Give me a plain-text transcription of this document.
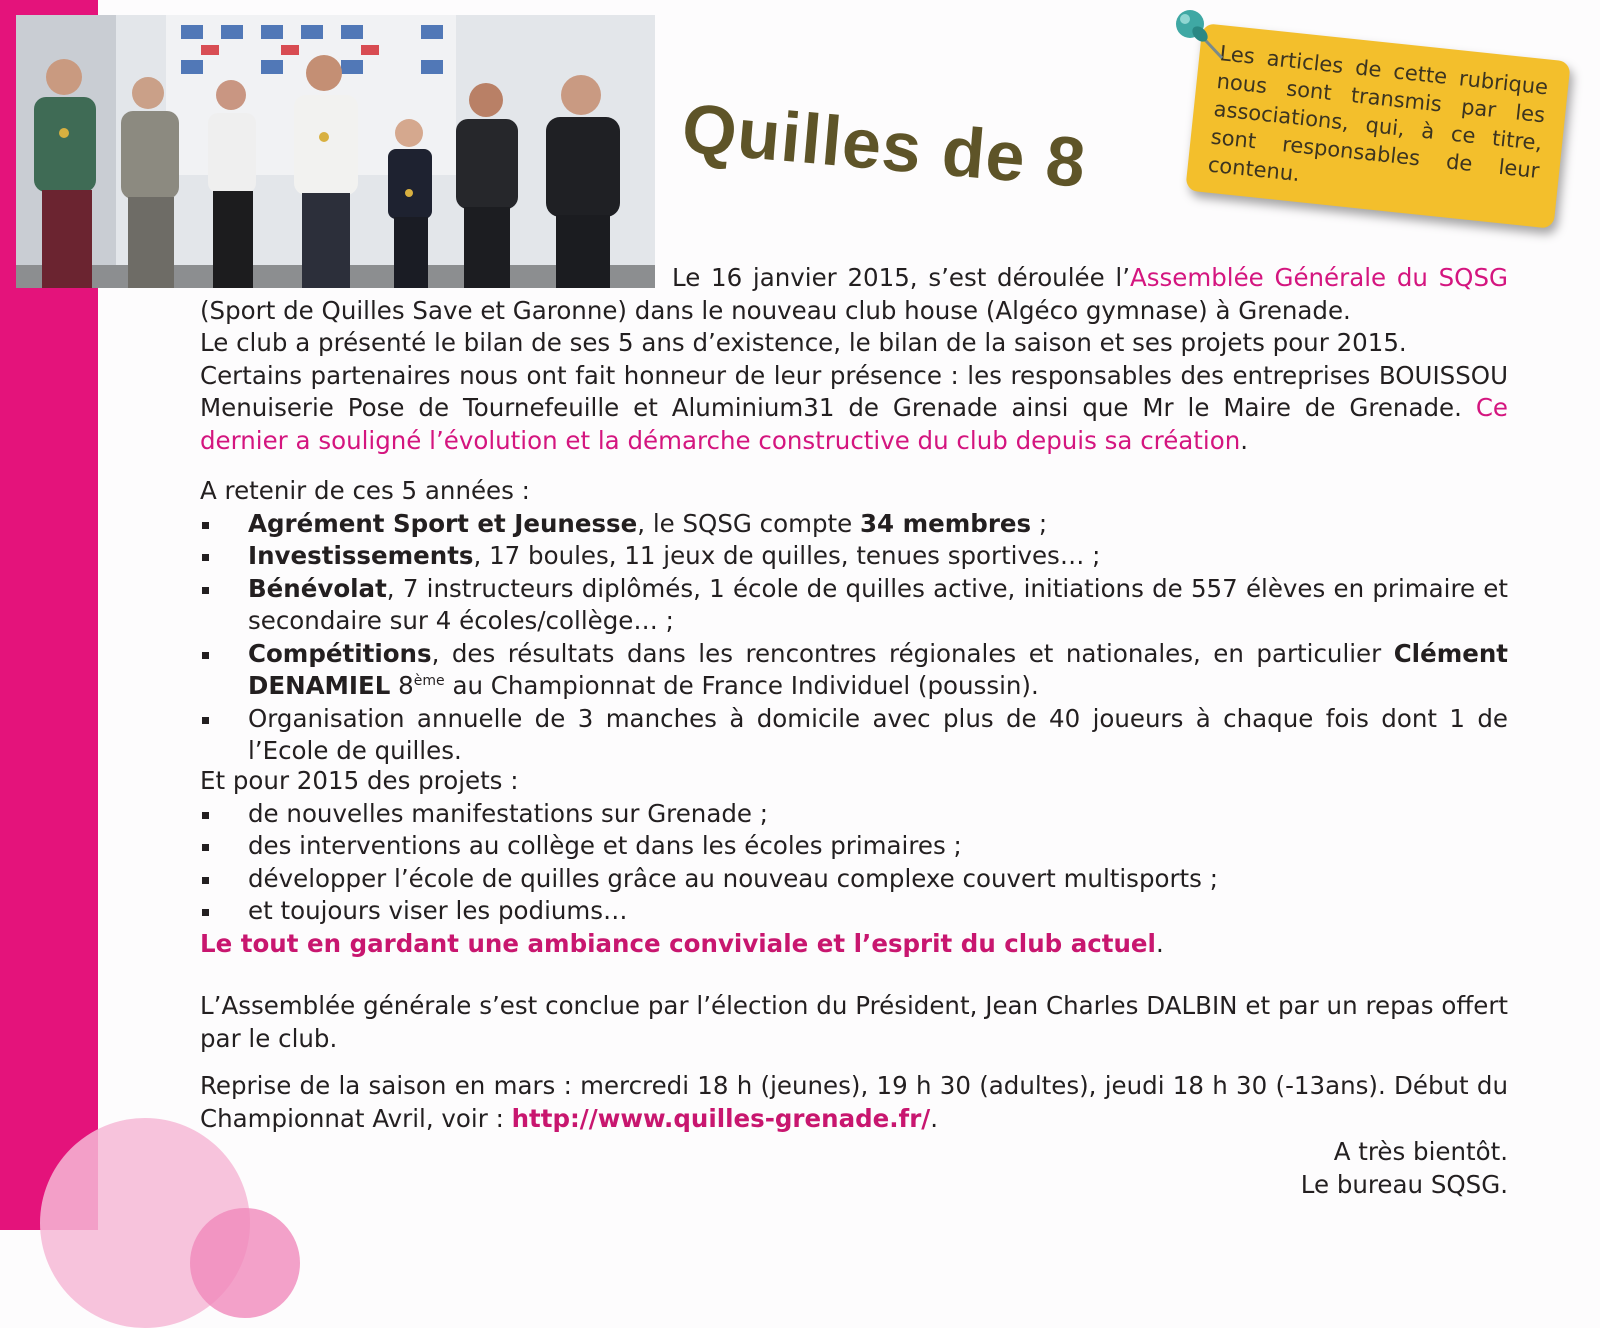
Quilles de 8
Les articles de cette rubrique nous sont transmis par les associations, qui, à ce titre, sont responsables de leur contenu.

Le 16 janvier 2015, s’est déroulée l’Assemblée Générale du SQSG (Sport de Quilles Save et Garonne) dans le nouveau club house (Algéco gymnase) à Grenade.

Le club a présenté le bilan de ses 5 ans d’existence, le bilan de la saison et ses projets pour 2015.

Certains partenaires nous ont fait honneur de leur présence : les responsables des entreprises BOUISSOU Menuiserie Pose de Tournefeuille et Aluminium31 de Grenade ainsi que Mr le Maire de Grenade. Ce dernier a souligné l’évolution et la démarche constructive du club depuis sa création.

A retenir de ces 5 années :

Agrément Sport et Jeunesse, le SQSG compte 34 membres ;
Investissements, 17 boules, 11 jeux de quilles, tenues sportives… ;
Bénévolat, 7 instructeurs diplômés, 1 école de quilles active, initiations de 557 élèves en primaire et secondaire sur 4 écoles/collège… ;
Compétitions, des résultats dans les rencontres régionales et nationales, en particulier Clément DENAMIEL 8ème au Championnat de France Individuel (poussin).
Organisation annuelle de 3 manches à domicile avec plus de 40 joueurs à chaque fois dont 1 de l’Ecole de quilles.

Et pour 2015 des projets :

de nouvelles manifestations sur Grenade ;
des interventions au collège et dans les écoles primaires ;
développer l’école de quilles grâce au nouveau complexe couvert multisports ;
et toujours viser les podiums…

Le tout en gardant une ambiance conviviale et l’esprit du club actuel.

L’Assemblée générale s’est conclue par l’élection du Président, Jean Charles DALBIN et par un repas offert par le club.
Reprise de la saison en mars : mercredi 18 h (jeunes), 19 h 30 (adultes), jeudi 18 h 30 (-13ans). Début du Championnat Avril, voir : http://www.quilles-grenade.fr/.

A très bientôt.

Le bureau SQSG.
